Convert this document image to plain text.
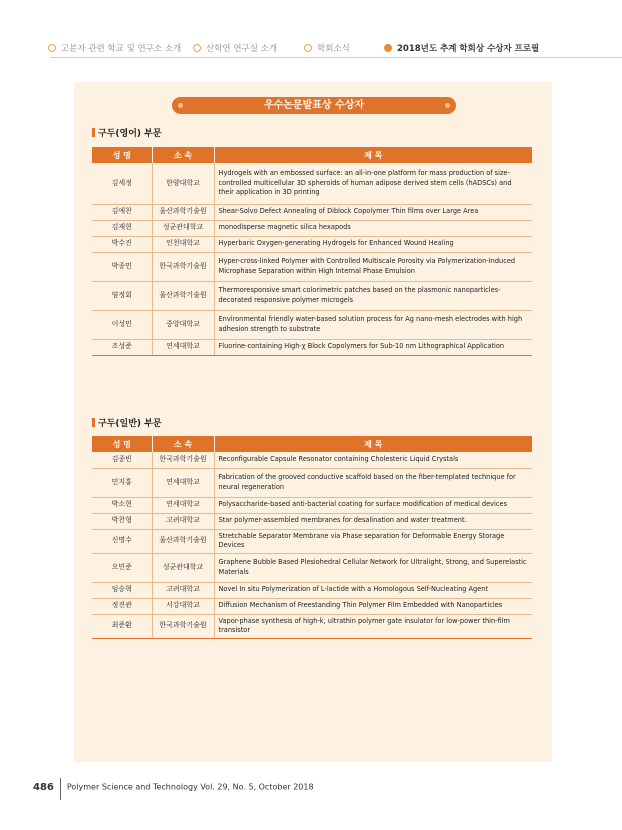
고분자 관련 학교 및 연구소 소개	산학연 연구실 소개	학회소식	2018년도 추계 학회상 수상자 프로필
우수논문발표상 수상자
구두(영어) 부문
성 명	소 속	제 목
김세정	한양대학교	Hydrogels with an embossed surface: an all-in-one platform for mass production of size-controlled multicellular 3D spheroids of human adipose derived stem cells (hADSCs) and their application in 3D printing
김예찬	울산과학기술원	Shear-Solvo Defect Annealing of Diblock Copolymer Thin films over Large Area
김재현	성균관대학교	monodisperse magnetic silica hexapods
박수진	인천대학교	Hyperbaric Oxygen-generating Hydrogels for Enhanced Wound Healing
박종민	한국과학기술원	Hyper-cross-linked Polymer with Controlled Multiscale Porosity via Polymerization-Induced Microphase Separation within High Internal Phase Emulsion
염정회	울산과학기술원	Thermoresponsive smart colorimetric patches based on the plasmonic nanoparticles-decorated responsive polymer microgels
이성민	중앙대학교	Environmental friendly water-based solution process for Ag nano-mesh electrodes with high adhesion strength to substrate
조성준	연세대학교	Fluorine-containing High-χ Block Copolymers for Sub-10 nm Lithographical Application
구두(일반) 부문
성 명	소 속	제 목
김종빈	한국과학기술원	Reconfigurable Capsule Resonator containing Cholesteric Liquid Crystals
민지홍	연세대학교	Fabrication of the grooved conductive scaffold based on the fiber-templated technique for neural regeneration
박소현	연세대학교	Polysaccharide-based anti-bacterial coating for surface modification of medical devices
박찬형	고려대학교	Star polymer-assembled membranes for desalination and water treatment.
신명수	울산과학기술원	Stretchable Separator Membrane via Phase separation for Deformable Energy Storage Devices
오민준	성균관대학교	Graphene Bubble Based Plesiohedral Cellular Network for Ultralight, Strong, and Superelastic Materials
임승혁	고려대학교	Novel In situ Polymerization of L-lactide with a Homologous Self-Nucleating Agent
정진관	서강대학교	Diffusion Mechanism of Freestanding Thin Polymer Film Embedded with Nanoparticles
최준환	한국과학기술원	Vapor-phase synthesis of high-k, ultrathin polymer gate insulator for low-power thin-film transistor
486 Polymer Science and Technology Vol. 29, No. 5, October 2018
